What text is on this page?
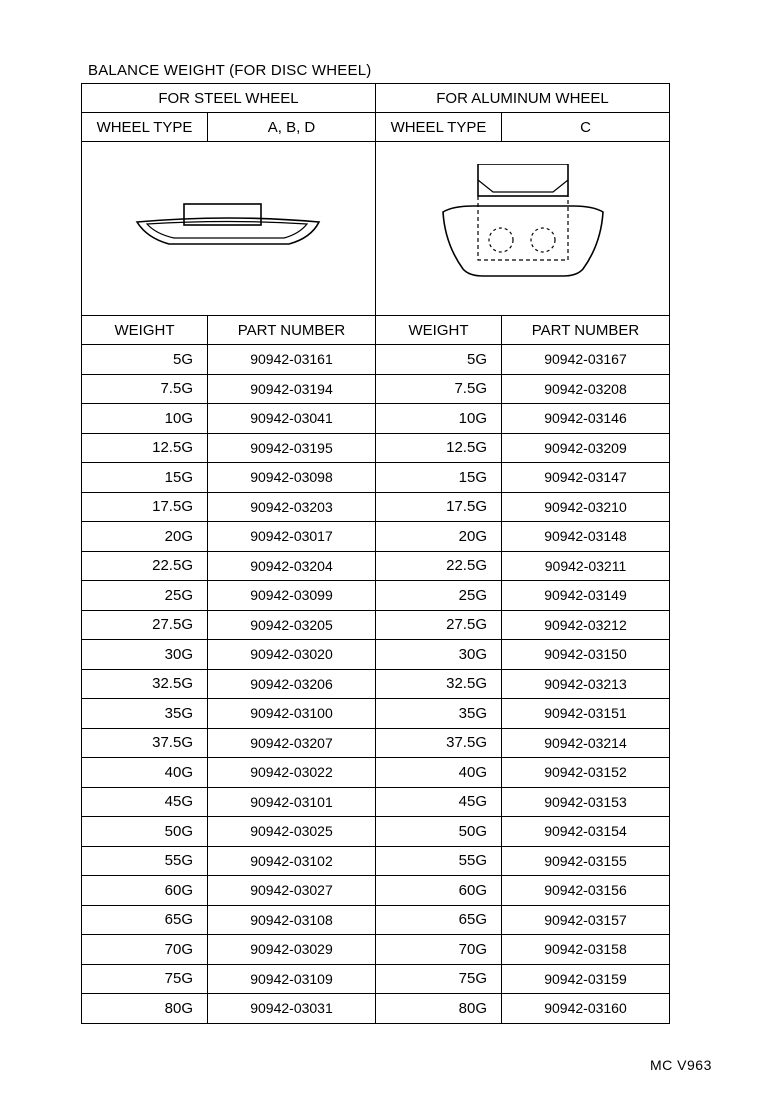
BALANCE WEIGHT (FOR DISC WHEEL)
FOR STEEL WHEEL		FOR ALUMINUM WHEEL	
WHEEL TYPE	A, B, D	WHEEL TYPE	C

WEIGHT	PART NUMBER	WEIGHT	PART NUMBER
5G	90942-03161	5G	90942-03167
7.5G	90942-03194	7.5G	90942-03208
10G	90942-03041	10G	90942-03146
12.5G	90942-03195	12.5G	90942-03209
15G	90942-03098	15G	90942-03147
17.5G	90942-03203	17.5G	90942-03210
20G	90942-03017	20G	90942-03148
22.5G	90942-03204	22.5G	90942-03211
25G	90942-03099	25G	90942-03149
27.5G	90942-03205	27.5G	90942-03212
30G	90942-03020	30G	90942-03150
32.5G	90942-03206	32.5G	90942-03213
35G	90942-03100	35G	90942-03151
37.5G	90942-03207	37.5G	90942-03214
40G	90942-03022	40G	90942-03152
45G	90942-03101	45G	90942-03153
50G	90942-03025	50G	90942-03154
55G	90942-03102	55G	90942-03155
60G	90942-03027	60G	90942-03156
65G	90942-03108	65G	90942-03157
70G	90942-03029	70G	90942-03158
75G	90942-03109	75G	90942-03159
80G	90942-03031	80G	90942-03160
MC V963
